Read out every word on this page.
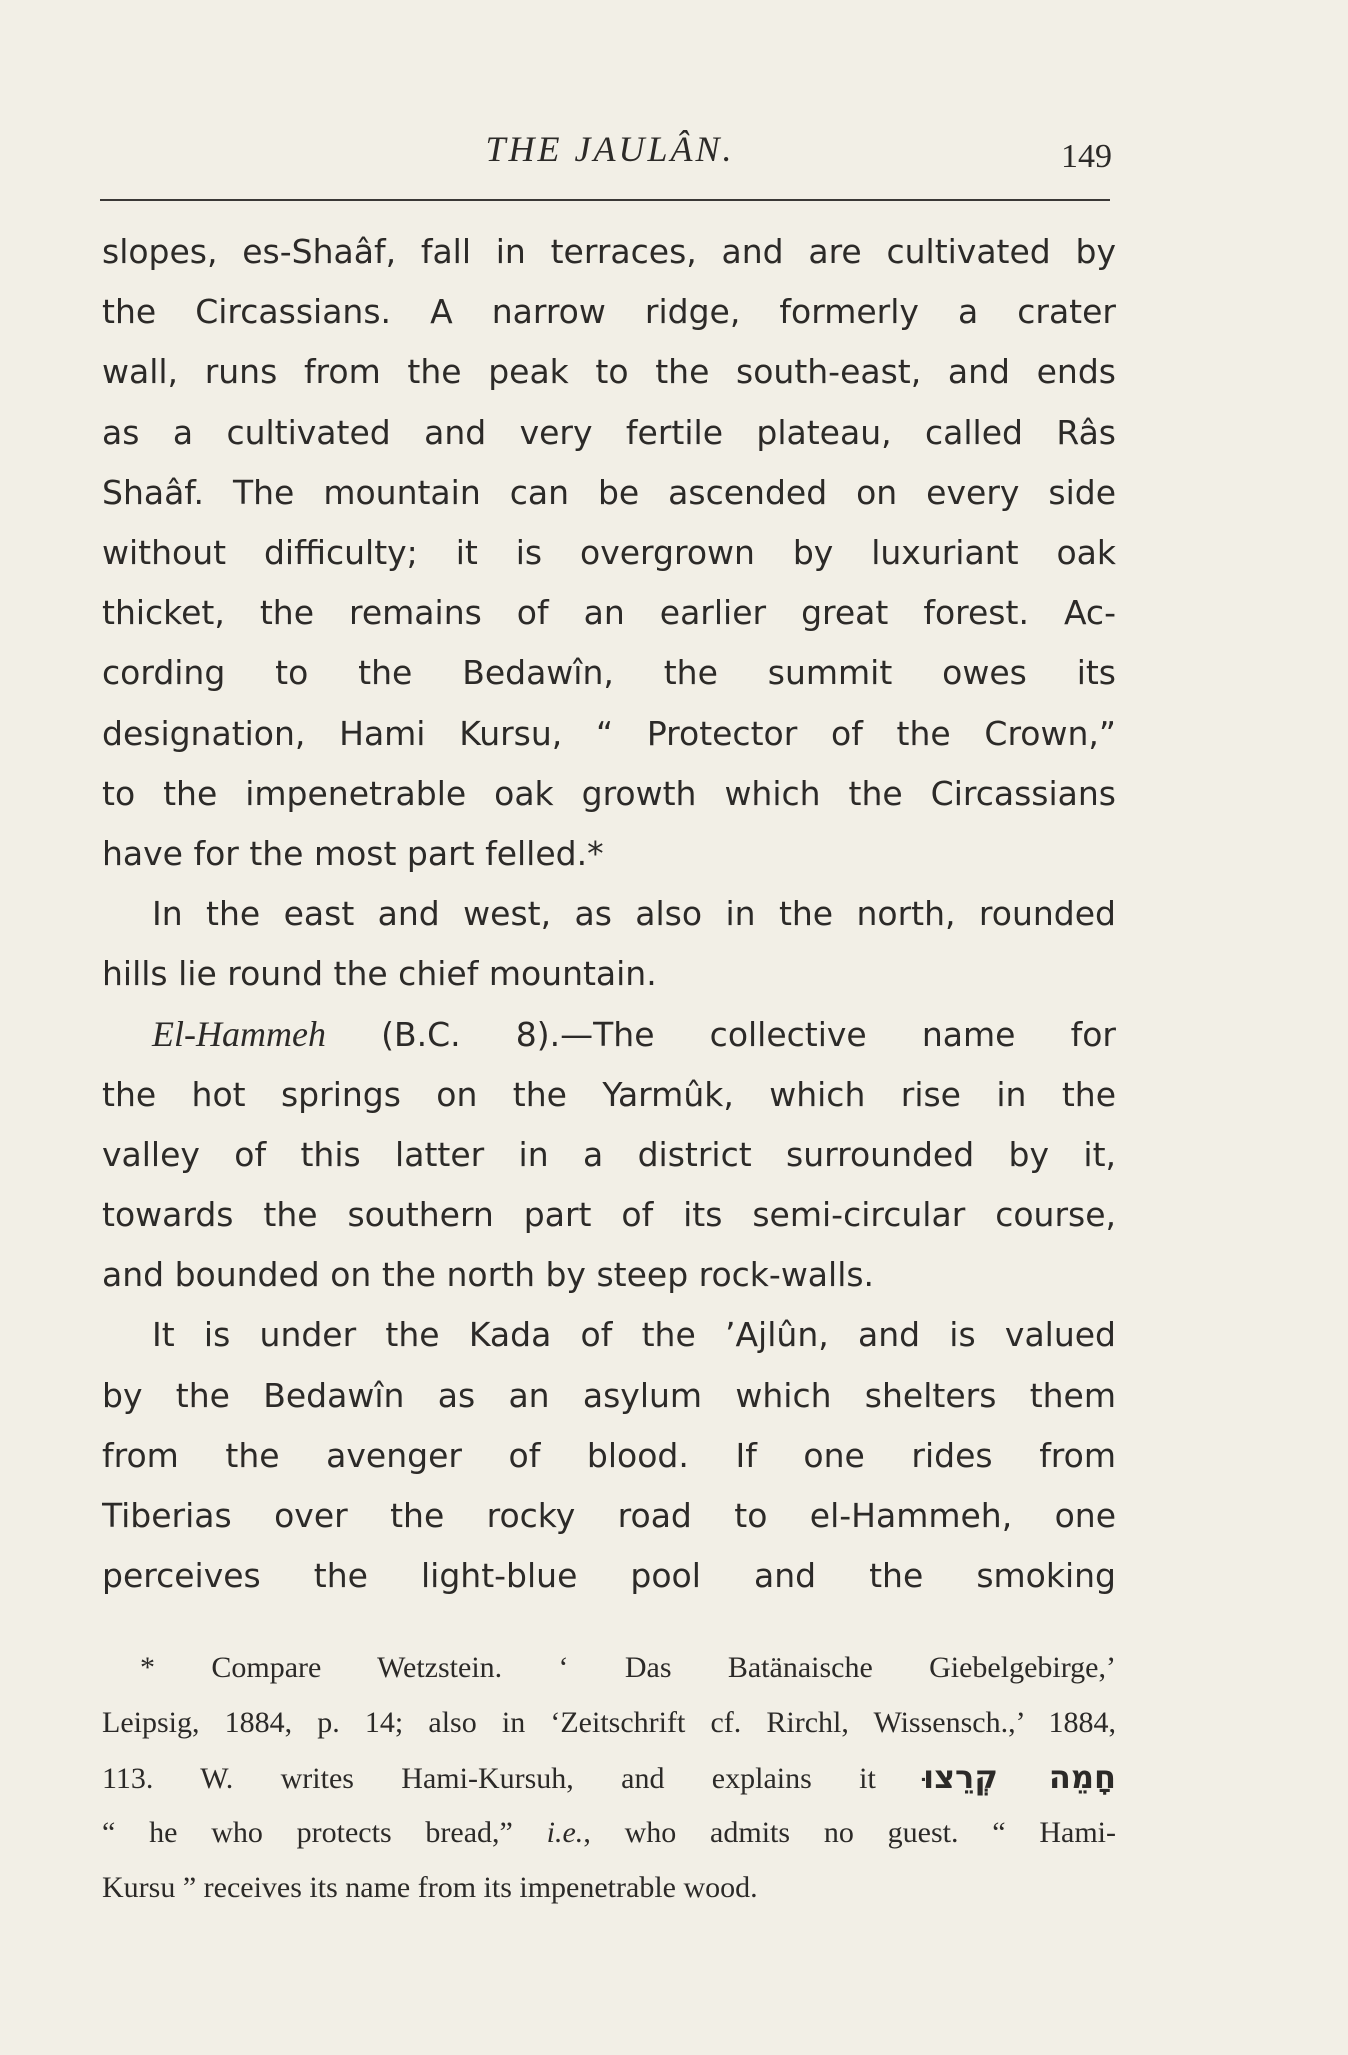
THE JAULÂN.	149
slopes, es-Shaâf, fall in terraces, and are cultivated by
the Circassians. A narrow ridge, formerly a crater
wall, runs from the peak to the south-east, and ends
as a cultivated and very fertile plateau, called Râs
Shaâf. The mountain can be ascended on every side
without difficulty; it is overgrown by luxuriant oak
thicket, the remains of an earlier great forest. Ac-
cording to the Bedawîn, the summit owes its
designation, Hami Kursu, “ Protector of the Crown,”
to the impenetrable oak growth which the Circassians
have for the most part felled.*
In the east and west, as also in the north, rounded
hills lie round the chief mountain.
El-Hammeh (B.C. 8).—The collective name for
the hot springs on the Yarmûk, which rise in the
valley of this latter in a district surrounded by it,
towards the southern part of its semi-circular course,
and bounded on the north by steep rock-walls.
It is under the Kada of the ’Ajlûn, and is valued
by the Bedawîn as an asylum which shelters them
from the avenger of blood. If one rides from
Tiberias over the rocky road to el-Hammeh, one
perceives the light-blue pool and the smoking
* Compare Wetzstein. ‘ Das Batänaische Giebelgebirge,’
Leipsig, 1884, p. 14; also in ‘Zeitschrift cf. Rirchl, Wissensch.,’ 1884,
113. W. writes Hami-Kursuh, and explains it חָמֵה קְרֵצוּ
“ he who protects bread,” i.e., who admits no guest. “ Hami-
Kursu ” receives its name from its impenetrable wood.
